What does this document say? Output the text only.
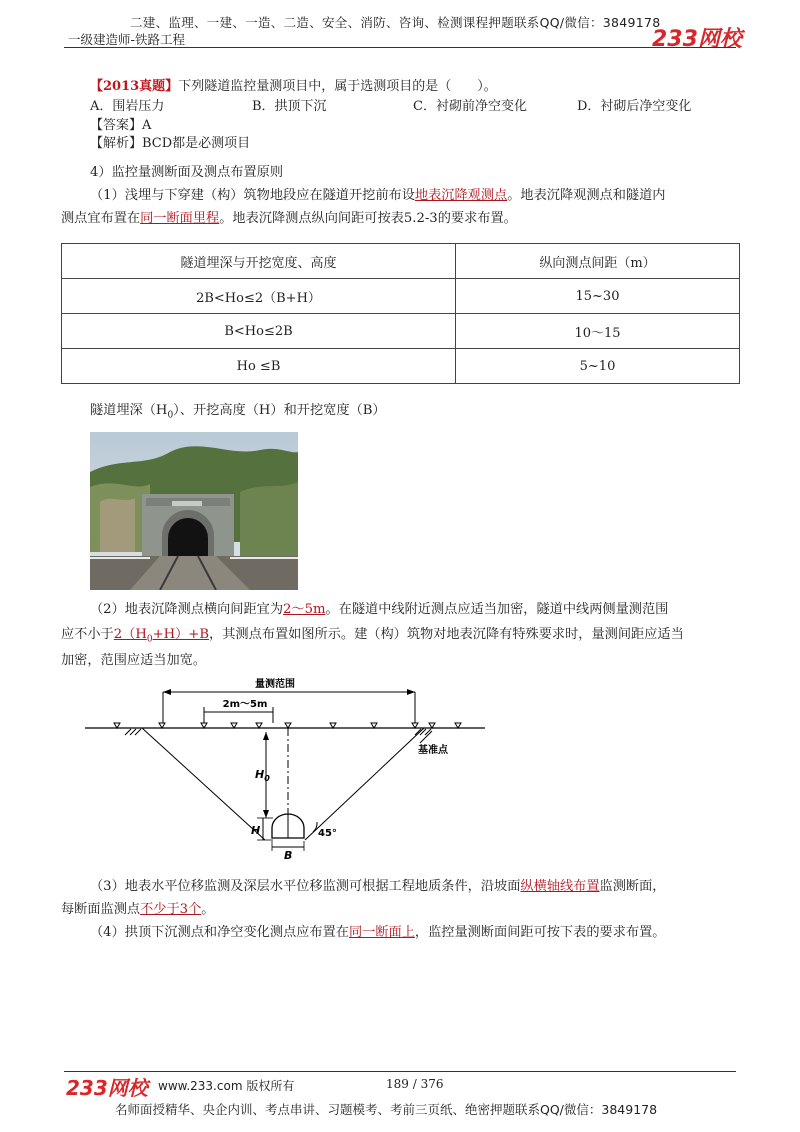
二建、监理、一建、一造、二造、安全、消防、咨询、检测课程押题联系QQ/微信：3849178
一级建造师-铁路工程	233网校
【2013真题】下列隧道监控量测项目中，属于选测项目的是（　　）。
A．围岩压力	B．拱顶下沉	C．衬砌前净空变化	D．衬砌后净空变化
【答案】A
【解析】BCD都是必测项目
4）监控量测断面及测点布置原则
（1）浅埋与下穿建（构）筑物地段应在隧道开挖前布设地表沉降观测点。地表沉降观测点和隧道内
测点宜布置在同一断面里程。地表沉降测点纵向间距可按表5.2-3的要求布置。
隧道埋深与开挖宽度、高度	纵向测点间距（m）
2B<Ho≤2（B+H）	15~30
B<Ho≤2B	10～15
Ho ≤B	5~10
隧道埋深$(H_0)$、开挖高度（H）和开挖宽度（B）
（2）地表沉降测点横向间距宜为2～5m。在隧道中线附近测点应适当加密，隧道中线两侧量测范围
应不小于$2(H_0+H)+B$，其测点布置如图所示。建（构）筑物对地表沉降有特殊要求时，量测间距应适当
加密，范围应适当加宽。
量测范围
2m～5m
基准点
$H_0$
H
B
45°
（3）地表水平位移监测及深层水平位移监测可根据工程地质条件，沿坡面纵横轴线布置监测断面，
每断面监测点不少于3个。
（4）拱顶下沉测点和净空变化测点应布置在同一断面上，监控量测断面间距可按下表的要求布置。
233网校 www.233.com 版权所有	189 / 376
名师面授精华、央企内训、考点串讲、习题模考、考前三页纸、绝密押题联系QQ/微信：3849178
